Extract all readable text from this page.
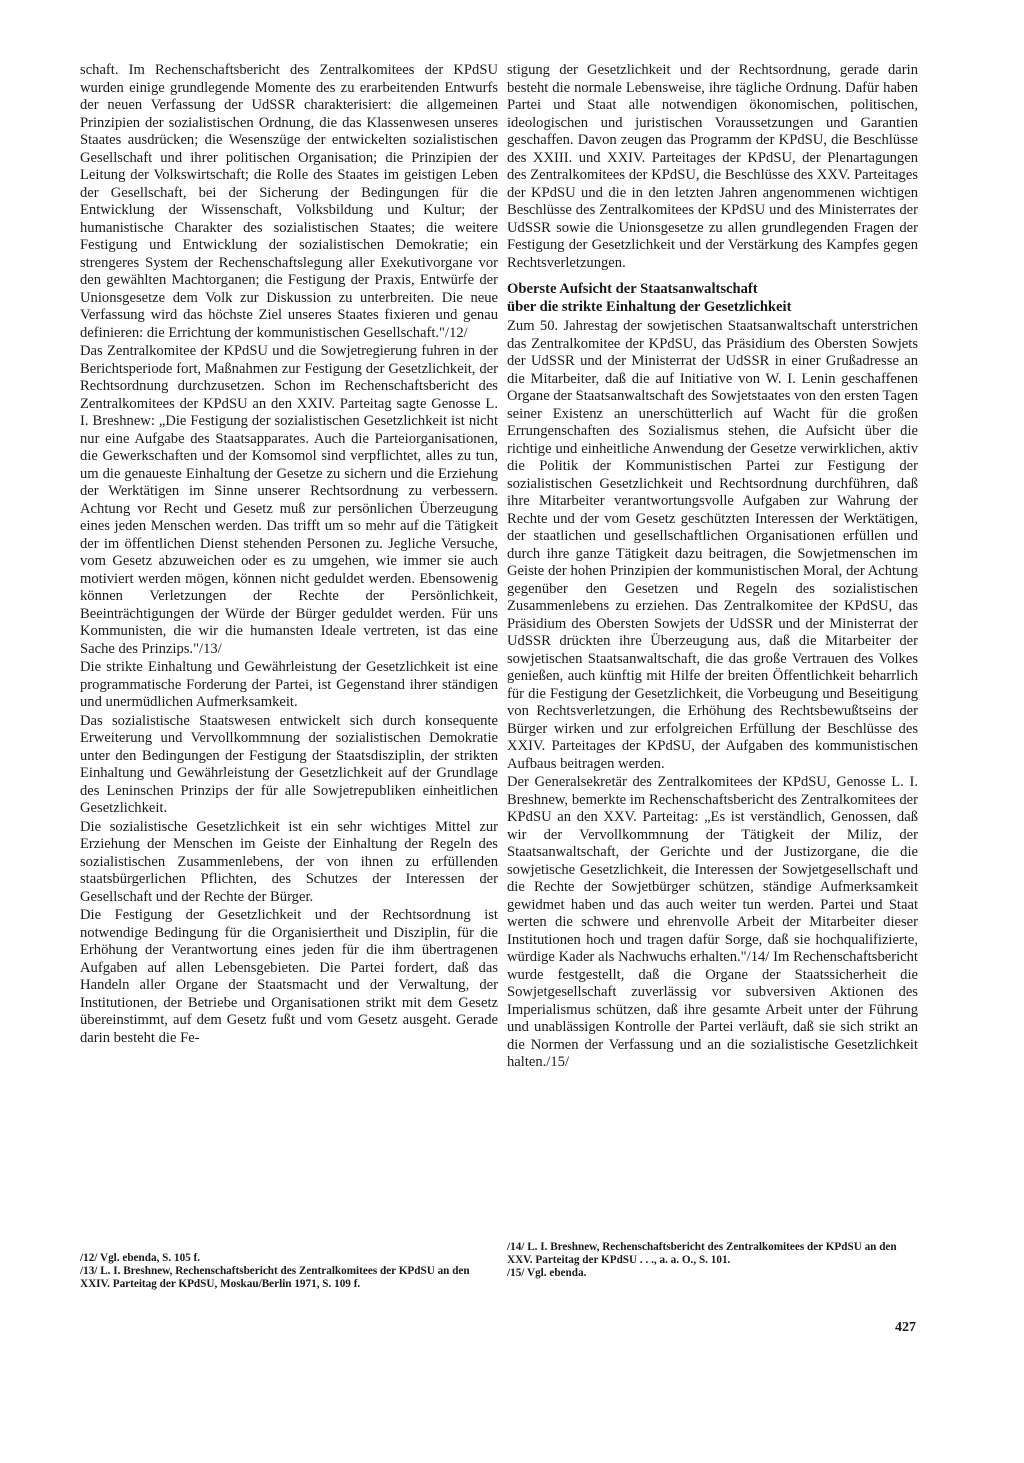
schaft. Im Rechenschaftsbericht des Zentralkomitees der KPdSU wurden einige grundlegende Momente des zu erarbeitenden Entwurfs der neuen Verfassung der UdSSR charakterisiert: die allgemeinen Prinzipien der sozialistischen Ordnung, die das Klassenwesen unseres Staates ausdrücken; die Wesenszüge der entwickelten sozialistischen Gesellschaft und ihrer politischen Organisation; die Prinzipien der Leitung der Volkswirtschaft; die Rolle des Staates im geistigen Leben der Gesellschaft, bei der Sicherung der Bedingungen für die Entwicklung der Wissenschaft, Volksbildung und Kultur; der humanistische Charakter des sozialistischen Staates; die weitere Festigung und Entwicklung der sozialistischen Demokratie; ein strengeres System der Rechenschaftslegung aller Exekutivorgane vor den gewählten Machtorganen; die Festigung der Praxis, Entwürfe der Unionsgesetze dem Volk zur Diskussion zu unterbreiten. Die neue Verfassung wird das höchste Ziel unseres Staates fixieren und genau definieren: die Errichtung der kommunistischen Gesellschaft."/12/

Das Zentralkomitee der KPdSU und die Sowjetregierung fuhren in der Berichtsperiode fort, Maßnahmen zur Festigung der Gesetzlichkeit, der Rechtsordnung durchzusetzen. Schon im Rechenschaftsbericht des Zentralkomitees der KPdSU an den XXIV. Parteitag sagte Genosse L. I. Breshnew: „Die Festigung der sozialistischen Gesetzlichkeit ist nicht nur eine Aufgabe des Staatsapparates. Auch die Parteiorganisationen, die Gewerkschaften und der Komsomol sind verpflichtet, alles zu tun, um die genaueste Einhaltung der Gesetze zu sichern und die Erziehung der Werktätigen im Sinne unserer Rechtsordnung zu verbessern. Achtung vor Recht und Gesetz muß zur persönlichen Überzeugung eines jeden Menschen werden. Das trifft um so mehr auf die Tätigkeit der im öffentlichen Dienst stehenden Personen zu. Jegliche Versuche, vom Gesetz abzuweichen oder es zu umgehen, wie immer sie auch motiviert werden mögen, können nicht geduldet werden. Ebensowenig können Verletzungen der Rechte der Persönlichkeit, Beeinträchtigungen der Würde der Bürger geduldet werden. Für uns Kommunisten, die wir die humansten Ideale vertreten, ist das eine Sache des Prinzips."/13/

Die strikte Einhaltung und Gewährleistung der Gesetzlichkeit ist eine programmatische Forderung der Partei, ist Gegenstand ihrer ständigen und unermüdlichen Aufmerksamkeit.

Das sozialistische Staatswesen entwickelt sich durch konsequente Erweiterung und Vervollkommnung der sozialistischen Demokratie unter den Bedingungen der Festigung der Staatsdisziplin, der strikten Einhaltung und Gewährleistung der Gesetzlichkeit auf der Grundlage des Leninschen Prinzips der für alle Sowjetrepubliken einheitlichen Gesetzlichkeit.

Die sozialistische Gesetzlichkeit ist ein sehr wichtiges Mittel zur Erziehung der Menschen im Geiste der Einhaltung der Regeln des sozialistischen Zusammenlebens, der von ihnen zu erfüllenden staatsbürgerlichen Pflichten, des Schutzes der Interessen der Gesellschaft und der Rechte der Bürger.

Die Festigung der Gesetzlichkeit und der Rechtsordnung ist notwendige Bedingung für die Organisiertheit und Disziplin, für die Erhöhung der Verantwortung eines jeden für die ihm übertragenen Aufgaben auf allen Lebensgebieten. Die Partei fordert, daß das Handeln aller Organe der Staatsmacht und der Verwaltung, der Institutionen, der Betriebe und Organisationen strikt mit dem Gesetz übereinstimmt, auf dem Gesetz fußt und vom Gesetz ausgeht. Gerade darin besteht die Fe-

stigung der Gesetzlichkeit und der Rechtsordnung, gerade darin besteht die normale Lebensweise, ihre tägliche Ordnung. Dafür haben Partei und Staat alle notwendigen ökonomischen, politischen, ideologischen und juristischen Voraussetzungen und Garantien geschaffen. Davon zeugen das Programm der KPdSU, die Beschlüsse des XXIII. und XXIV. Parteitages der KPdSU, der Plenartagungen des Zentralkomitees der KPdSU, die Beschlüsse des XXV. Parteitages der KPdSU und die in den letzten Jahren angenommenen wichtigen Beschlüsse des Zentralkomitees der KPdSU und des Ministerrates der UdSSR sowie die Unionsgesetze zu allen grundlegenden Fragen der Festigung der Gesetzlichkeit und der Verstärkung des Kampfes gegen Rechtsverletzungen.

Oberste Aufsicht der Staatsanwaltschaft
über die strikte Einhaltung der Gesetzlichkeit

Zum 50. Jahrestag der sowjetischen Staatsanwaltschaft unterstrichen das Zentralkomitee der KPdSU, das Präsidium des Obersten Sowjets der UdSSR und der Ministerrat der UdSSR in einer Grußadresse an die Mitarbeiter, daß die auf Initiative von W. I. Lenin geschaffenen Organe der Staatsanwaltschaft des Sowjetstaates von den ersten Tagen seiner Existenz an unerschütterlich auf Wacht für die großen Errungenschaften des Sozialismus stehen, die Aufsicht über die richtige und einheitliche Anwendung der Gesetze verwirklichen, aktiv die Politik der Kommunistischen Partei zur Festigung der sozialistischen Gesetzlichkeit und Rechtsordnung durchführen, daß ihre Mitarbeiter verantwortungsvolle Aufgaben zur Wahrung der Rechte und der vom Gesetz geschützten Interessen der Werktätigen, der staatlichen und gesellschaftlichen Organisationen erfüllen und durch ihre ganze Tätigkeit dazu beitragen, die Sowjetmenschen im Geiste der hohen Prinzipien der kommunistischen Moral, der Achtung gegenüber den Gesetzen und Regeln des sozialistischen Zusammenlebens zu erziehen. Das Zentralkomitee der KPdSU, das Präsidium des Obersten Sowjets der UdSSR und der Ministerrat der UdSSR drückten ihre Überzeugung aus, daß die Mitarbeiter der sowjetischen Staatsanwaltschaft, die das große Vertrauen des Volkes genießen, auch künftig mit Hilfe der breiten Öffentlichkeit beharrlich für die Festigung der Gesetzlichkeit, die Vorbeugung und Beseitigung von Rechtsverletzungen, die Erhöhung des Rechtsbewußtseins der Bürger wirken und zur erfolgreichen Erfüllung der Beschlüsse des XXIV. Parteitages der KPdSU, der Aufgaben des kommunistischen Aufbaus beitragen werden.

Der Generalsekretär des Zentralkomitees der KPdSU, Genosse L. I. Breshnew, bemerkte im Rechenschaftsbericht des Zentralkomitees der KPdSU an den XXV. Parteitag: „Es ist verständlich, Genossen, daß wir der Vervollkommnung der Tätigkeit der Miliz, der Staatsanwaltschaft, der Gerichte und der Justizorgane, die die sowjetische Gesetzlichkeit, die Interessen der Sowjetgesellschaft und die Rechte der Sowjetbürger schützen, ständige Aufmerksamkeit gewidmet haben und das auch weiter tun werden. Partei und Staat werten die schwere und ehrenvolle Arbeit der Mitarbeiter dieser Institutionen hoch und tragen dafür Sorge, daß sie hochqualifizierte, würdige Kader als Nachwuchs erhalten."/14/ Im Rechenschaftsbericht wurde festgestellt, daß die Organe der Staatssicherheit die Sowjetgesellschaft zuverlässig vor subversiven Aktionen des Imperialismus schützen, daß ihre gesamte Arbeit unter der Führung und unablässigen Kontrolle der Partei verläuft, daß sie sich strikt an die Normen der Verfassung und an die sozialistische Gesetzlichkeit halten./15/

/12/ Vgl. ebenda, S. 105 f.
/13/ L. I. Breshnew, Rechenschaftsbericht des Zentralkomitees der KPdSU an den XXIV. Parteitag der KPdSU, Moskau/Berlin 1971, S. 109 f.
/14/ L. I. Breshnew, Rechenschaftsbericht des Zentralkomitees der KPdSU an den XXV. Parteitag der KPdSU . . ., a. a. O., S. 101.
/15/ Vgl. ebenda.
427
